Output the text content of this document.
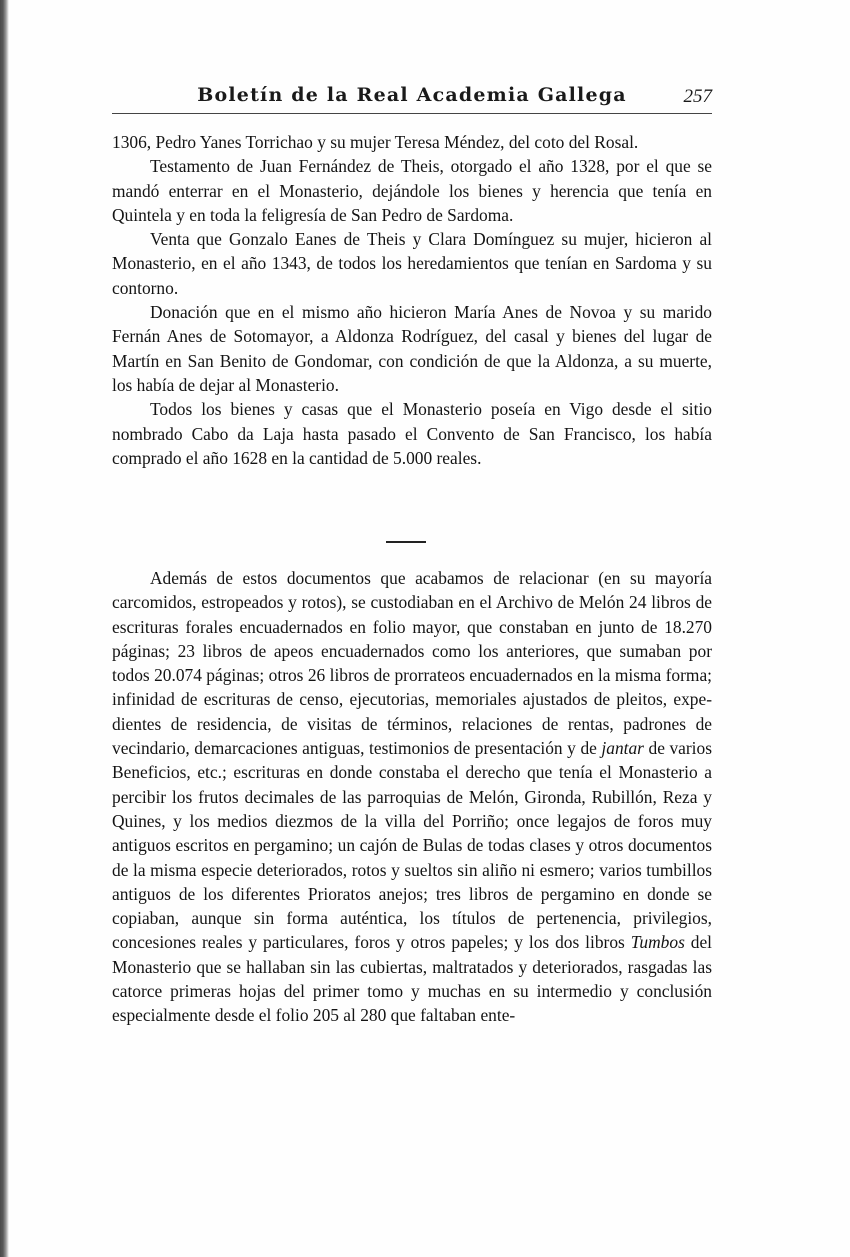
Boletín de la Real Academia Gallega	257

1306, Pedro Yanes Torrichao y su mujer Teresa Méndez, del coto del Rosal.

Testamento de Juan Fernández de Theis, otorgado el año 1328, por el que se mandó enterrar en el Monasterio, dejándole los bienes y herencia que tenía en Quintela y en toda la feligresía de San Pedro de Sardoma.

Venta que Gonzalo Eanes de Theis y Clara Domínguez su mujer, hicieron al Monasterio, en el año 1343, de todos los heredamientos que tenían en Sardoma y su contorno.

Donación que en el mismo año hicieron María Anes de Novoa y su marido Fernán Anes de Sotomayor, a Aldonza Rodríguez, del casal y bienes del lugar de Martín en San Benito de Gondomar, con condición de que la Aldonza, a su muerte, los había de dejar al Monasterio.

Todos los bienes y casas que el Monasterio poseía en Vigo desde el sitio nombrado Cabo da Laja hasta pasado el Convento de San Francisco, los había comprado el año 1628 en la cantidad de 5.000 reales.

Además de estos documentos que acabamos de relacionar (en su mayoría carcomidos, estropeados y rotos), se custodiaban en el Archivo de Melón 24 libros de escrituras forales encuadernados en folio mayor, que constaban en junto de 18.270 páginas; 23 libros de apeos encuadernados como los anteriores, que sumaban por todos 20.074 páginas; otros 26 libros de prorrateos encuadernados en la misma forma; infinidad de escrituras de censo, ejecutorias, memoriales ajustados de pleitos, expedientes de residencia, de visitas de términos, relaciones de rentas, padrones de vecindario, demarcaciones antiguas, testimonios de presentación y de jantar de varios Beneficios, etc.; escrituras en donde constaba el derecho que tenía el Monasterio a percibir los frutos decimales de las parroquias de Melón, Gironda, Rubillón, Reza y Quines, y los medios diezmos de la villa del Porriño; once legajos de foros muy antiguos escritos en pergamino; un cajón de Bulas de todas clases y otros documentos de la misma especie deteriorados, rotos y sueltos sin aliño ni esmero; varios tumbillos antiguos de los diferentes Prioratos anejos; tres libros de pergamino en donde se copiaban, aunque sin forma auténtica, los títulos de pertenencia, privilegios, concesiones reales y particulares, foros y otros papeles; y los dos libros Tumbos del Monasterio que se hallaban sin las cubiertas, maltratados y deteriorados, rasgadas las catorce primeras hojas del primer tomo y muchas en su intermedio y conclusión especialmente desde el folio 205 al 280 que faltaban ente-
